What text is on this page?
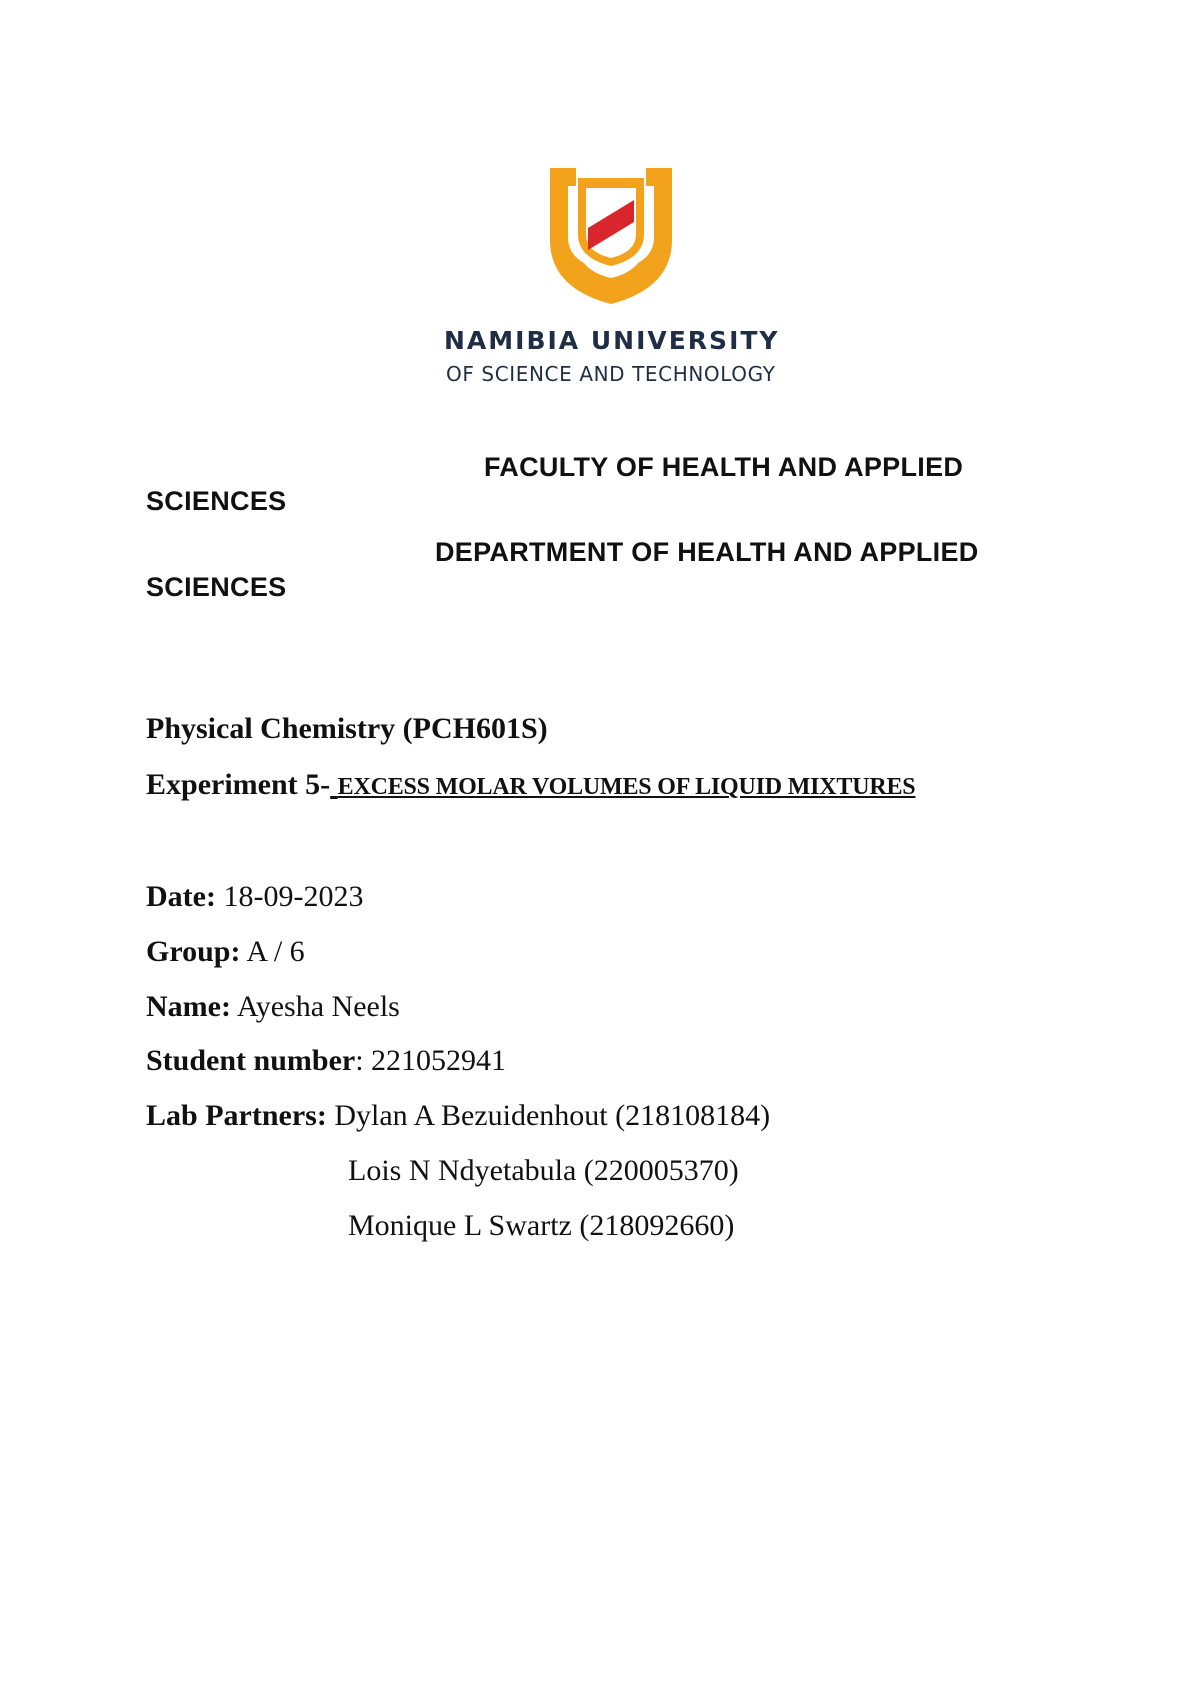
NAMIBIA UNIVERSITY
OF SCIENCE AND TECHNOLOGY
FACULTY OF HEALTH AND APPLIED
SCIENCES
DEPARTMENT OF HEALTH AND APPLIED
SCIENCES
Physical Chemistry (PCH601S)
Experiment 5- EXCESS MOLAR VOLUMES OF LIQUID MIXTURES
Date: 18-09-2023
Group: A / 6
Name: Ayesha Neels
Student number: 221052941
Lab Partners: Dylan A Bezuidenhout (218108184)
Lois N Ndyetabula (220005370)
Monique L Swartz (218092660)
